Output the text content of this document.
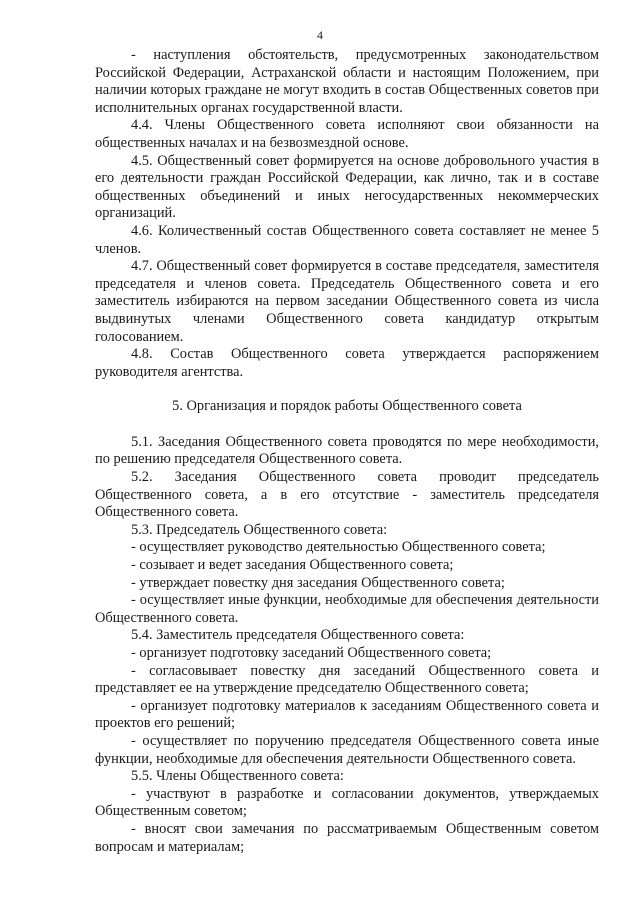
4

- наступления обстоятельств, предусмотренных законодательством Российской Федерации, Астраханской области и настоящим Положением, при наличии которых граждане не могут входить в состав Общественных советов при исполнительных органах государственной власти.

4.4. Члены Общественного совета исполняют свои обязанности на общественных началах и на безвозмездной основе.

4.5. Общественный совет формируется на основе добровольного участия в его деятельности граждан Российской Федерации, как лично, так и в составе общественных объединений и иных негосударственных некоммерческих организаций.

4.6. Количественный состав Общественного совета составляет не менее 5 членов.

4.7. Общественный совет формируется в составе председателя, заместителя председателя и членов совета. Председатель Общественного совета и его заместитель избираются на первом заседании Общественного совета из числа выдвинутых членами Общественного совета кандидатур открытым голосованием.

4.8. Состав Общественного совета утверждается распоряжением руководителя агентства.

5. Организация и порядок работы Общественного совета

5.1. Заседания Общественного совета проводятся по мере необходимости, по решению председателя Общественного совета.

5.2. Заседания Общественного совета проводит председатель Общественного совета, а в его отсутствие - заместитель председателя Общественного совета.

5.3. Председатель Общественного совета:

- осуществляет руководство деятельностью Общественного совета;

- созывает и ведет заседания Общественного совета;

- утверждает повестку дня заседания Общественного совета;

- осуществляет иные функции, необходимые для обеспечения деятельности Общественного совета.

5.4. Заместитель председателя Общественного совета:

- организует подготовку заседаний Общественного совета;

- согласовывает повестку дня заседаний Общественного совета и представляет ее на утверждение председателю Общественного совета;

- организует подготовку материалов к заседаниям Общественного совета и проектов его решений;

- осуществляет по поручению председателя Общественного совета иные функции, необходимые для обеспечения деятельности Общественного совета.

5.5. Члены Общественного совета:

- участвуют в разработке и согласовании документов, утверждаемых Общественным советом;

- вносят свои замечания по рассматриваемым Общественным советом вопросам и материалам;
